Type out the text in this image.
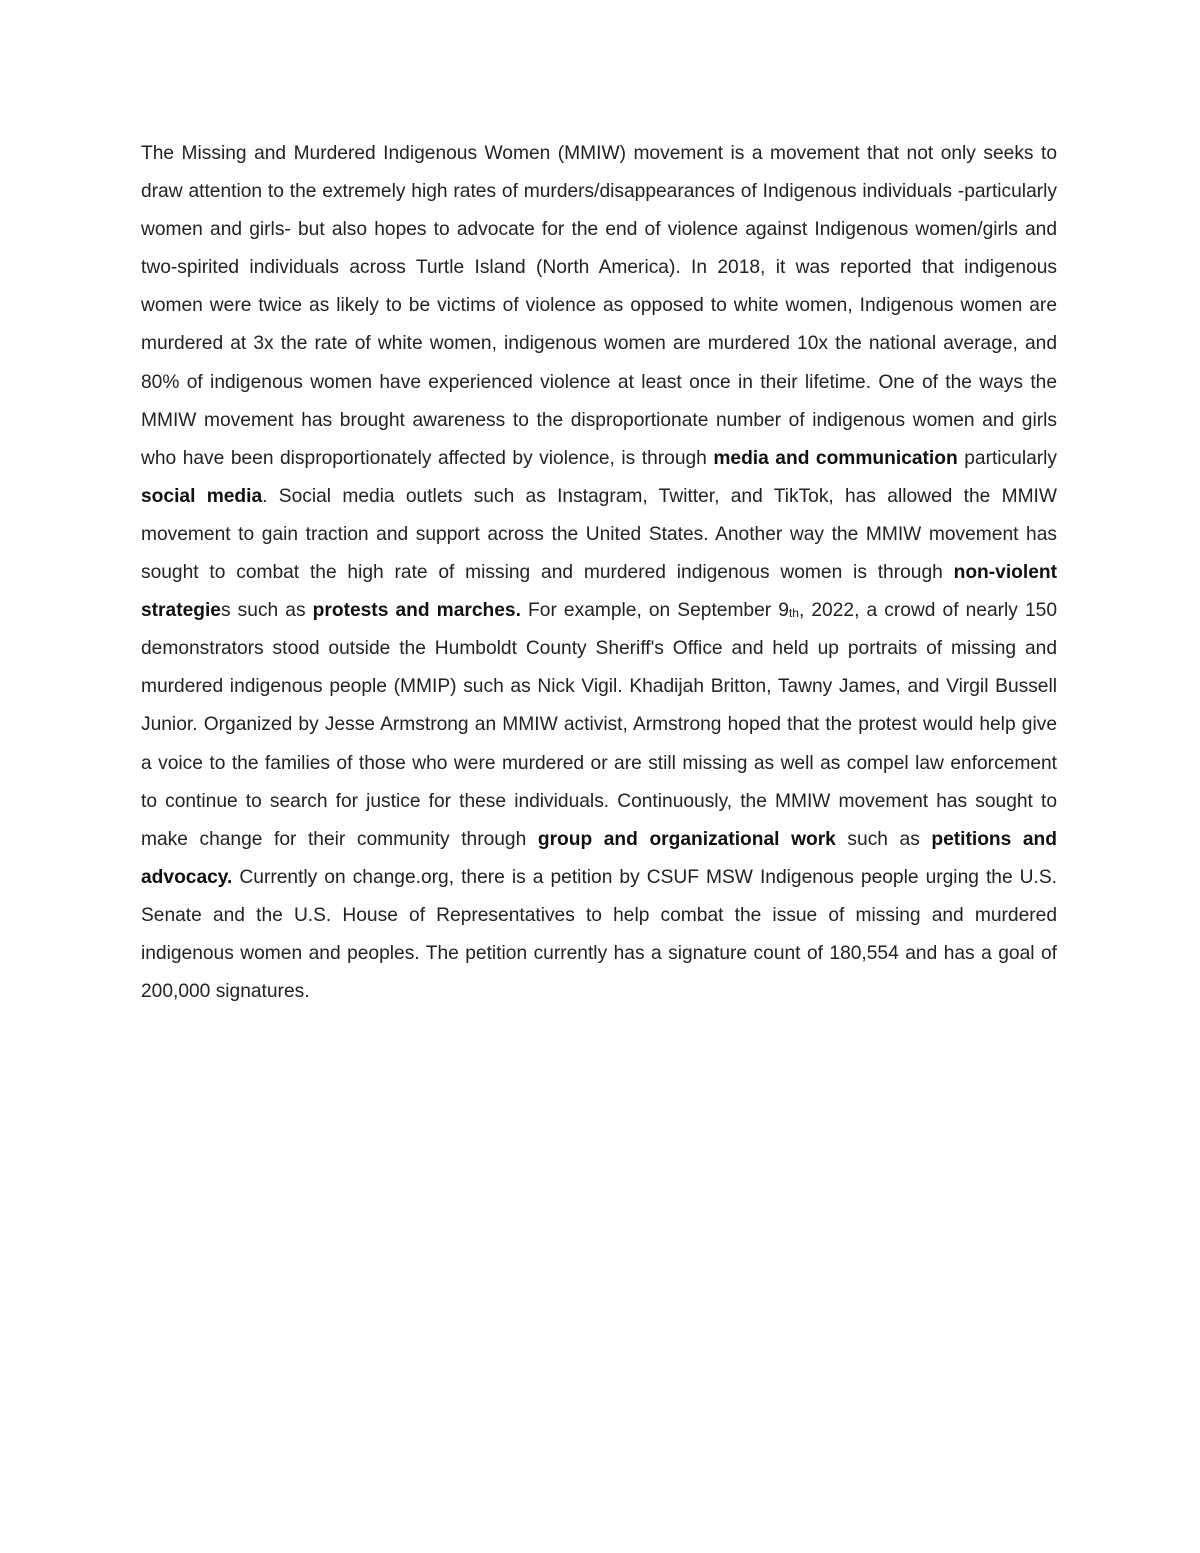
The Missing and Murdered Indigenous Women (MMIW) movement is a movement that not only seeks to draw attention to the extremely high rates of murders/disappearances of Indigenous individuals -particularly women and girls- but also hopes to advocate for the end of violence against Indigenous women/girls and two-spirited individuals across Turtle Island (North America). In 2018, it was reported that indigenous women were twice as likely to be victims of violence as opposed to white women, Indigenous women are murdered at 3x the rate of white women, indigenous women are murdered 10x the national average, and 80% of indigenous women have experienced violence at least once in their lifetime. One of the ways the MMIW movement has brought awareness to the disproportionate number of indigenous women and girls who have been disproportionately affected by violence, is through media and communication particularly social media. Social media outlets such as Instagram, Twitter, and TikTok, has allowed the MMIW movement to gain traction and support across the United States. Another way the MMIW movement has sought to combat the high rate of missing and murdered indigenous women is through non-violent strategies such as protests and marches. For example, on September 9th, 2022, a crowd of nearly 150 demonstrators stood outside the Humboldt County Sheriff's Office and held up portraits of missing and murdered indigenous people (MMIP) such as Nick Vigil. Khadijah Britton, Tawny James, and Virgil Bussell Junior. Organized by Jesse Armstrong an MMIW activist, Armstrong hoped that the protest would help give a voice to the families of those who were murdered or are still missing as well as compel law enforcement to continue to search for justice for these individuals. Continuously, the MMIW movement has sought to make change for their community through group and organizational work such as petitions and advocacy. Currently on change.org, there is a petition by CSUF MSW Indigenous people urging the U.S. Senate and the U.S. House of Representatives to help combat the issue of missing and murdered indigenous women and peoples. The petition currently has a signature count of 180,554 and has a goal of 200,000 signatures.
